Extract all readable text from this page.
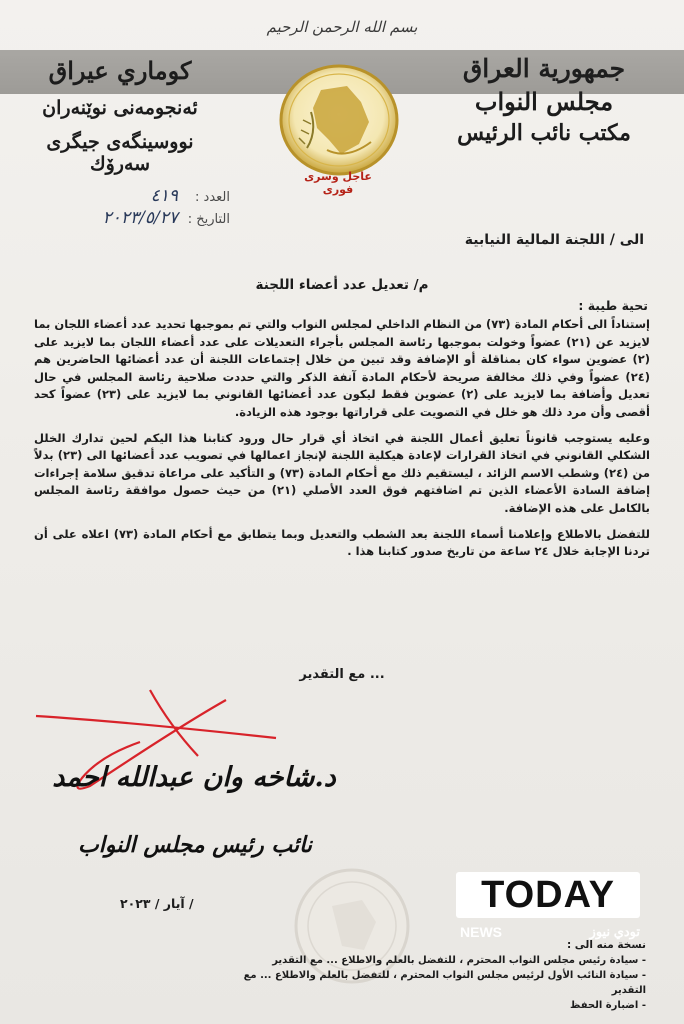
بسم الله الرحمن الرحيم
جمهورية العراق
مجلس النواب
مكتب نائب الرئيس
كوماري عيراق
ئەنجومەنى نوێنەران
نووسينگەى جيگرى سەرۆك
عاجل وسرى فورى
العدد :
٤١٩
التاريخ :
٢٠٢٣/٥/٢٧
الى / اللجنة المالية النيابية
م/ تعديل عدد أعضاء اللجنة
تحية طيبة :

إستناداً الى أحكام المادة (٧٣) من النظام الداخلي لمجلس النواب والتي تم بموجبها تحديد عدد أعضاء اللجان بما لايزيد عن (٢١) عضواً وخولت بموجبها رئاسة المجلس بأجراء التعديلات على عدد أعضاء اللجان بما لايزيد على (٢) عضوين سواء كان بمناقلة أو الإضافة وقد تبين من خلال إجتماعات اللجنة أن عدد أعضائها الحاضرين هم (٢٤) عضواً وفي ذلك مخالفة صريحة لأحكام المادة آنفة الذكر والتي حددت صلاحية رئاسة المجلس في حال تعديل وأضافة بما لايزيد على (٢) عضوين فقط ليكون عدد أعضائها القانوني بما لايزيد على (٢٣) عضواً كحد أقصى وأن مرد ذلك هو خلل في التصويت على قراراتها بوجود هذه الزيادة.

وعليه يستوجب قانوناً تعليق أعمال اللجنة في اتخاذ أي قرار حال ورود كتابنا هذا اليكم لحين تدارك الخلل الشكلي القانوني في اتخاذ القرارات لإعادة هيكلية اللجنة لإنجاز اعمالها في تصويب عدد أعضائها الى (٢٣) بدلاً من (٢٤) وشطب الاسم الزائد ، ليستقيم ذلك مع أحكام المادة (٧٣) و التأكيد على مراعاة تدقيق سلامة إجراءات إضافة السادة الأعضاء الذين تم اضافتهم فوق العدد الأصلي (٢١) من حيث حصول موافقة رئاسة المجلس بالكامل على هذه الإضافة.

للتفضل بالاطلاع وإعلامنا أسماء اللجنة بعد الشطب والتعديل وبما يتطابق مع أحكام المادة (٧٣) اعلاه على أن تردنا الإجابة خلال ٢٤ ساعة من تاريخ صدور كتابنا هذا .

... مع التقدير
د.شاخه وان عبدالله احمد
نائب رئيس مجلس النواب
/ آيار / ٢٠٢٣	TODAY
NEWS	تودي نيوز
نسخة منه الى :
- سيادة رئيس مجلس النواب المحترم ، للتفضل بالعلم والاطلاع ... مع التقدير
- سيادة النائب الأول لرئيس مجلس النواب المحترم ، للتفضل بالعلم والاطلاع ... مع التقدير
- اضبارة الحفظ
